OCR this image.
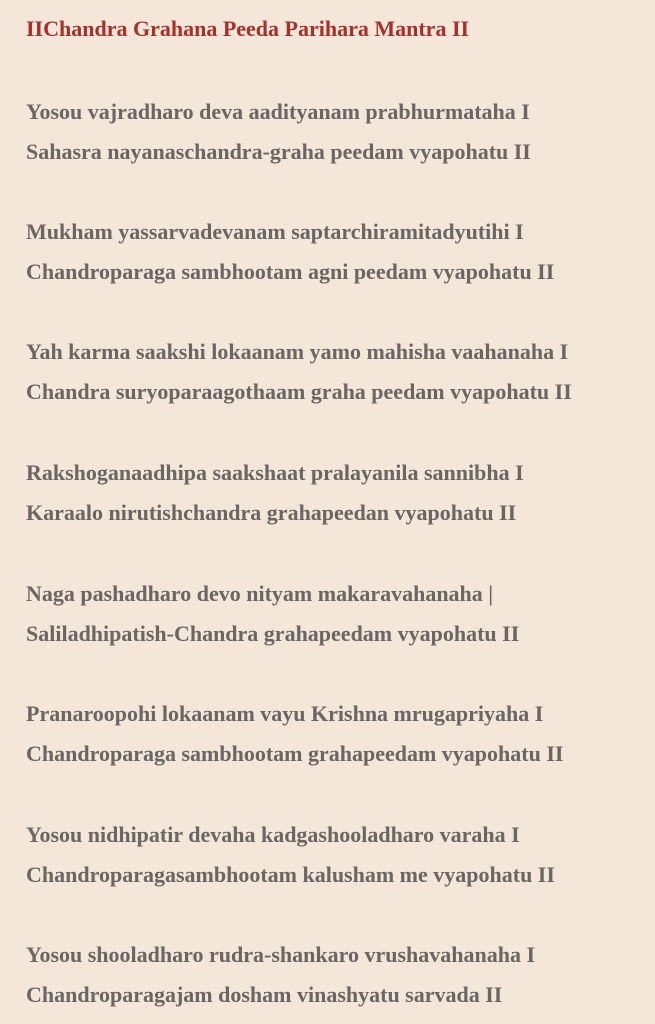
IIChandra Grahana Peeda Parihara Mantra II
Yosou vajradharo deva aadityanam prabhurmataha I
Sahasra nayanaschandra-graha peedam vyapohatu II
Mukham yassarvadevanam saptarchiramitadyutihi I
Chandroparaga sambhootam agni peedam vyapohatu II
Yah karma saakshi lokaanam yamo mahisha vaahanaha I
Chandra suryoparaagothaam graha peedam vyapohatu II
Rakshoganaadhipa saakshaat pralayanila sannibha I
Karaalo nirutishchandra grahapeedan vyapohatu II
Naga pashadharo devo nityam makaravahanaha |
Saliladhipatish-Chandra grahapeedam vyapohatu II
Pranaroopohi lokaanam vayu Krishna mrugapriyaha I
Chandroparaga sambhootam grahapeedam vyapohatu II
Yosou nidhipatir devaha kadgashooladharo varaha I
Chandroparagasambhootam kalusham me vyapohatu II
Yosou shooladharo rudra-shankaro vrushavahanaha I
Chandroparagajam dosham vinashyatu sarvada II
